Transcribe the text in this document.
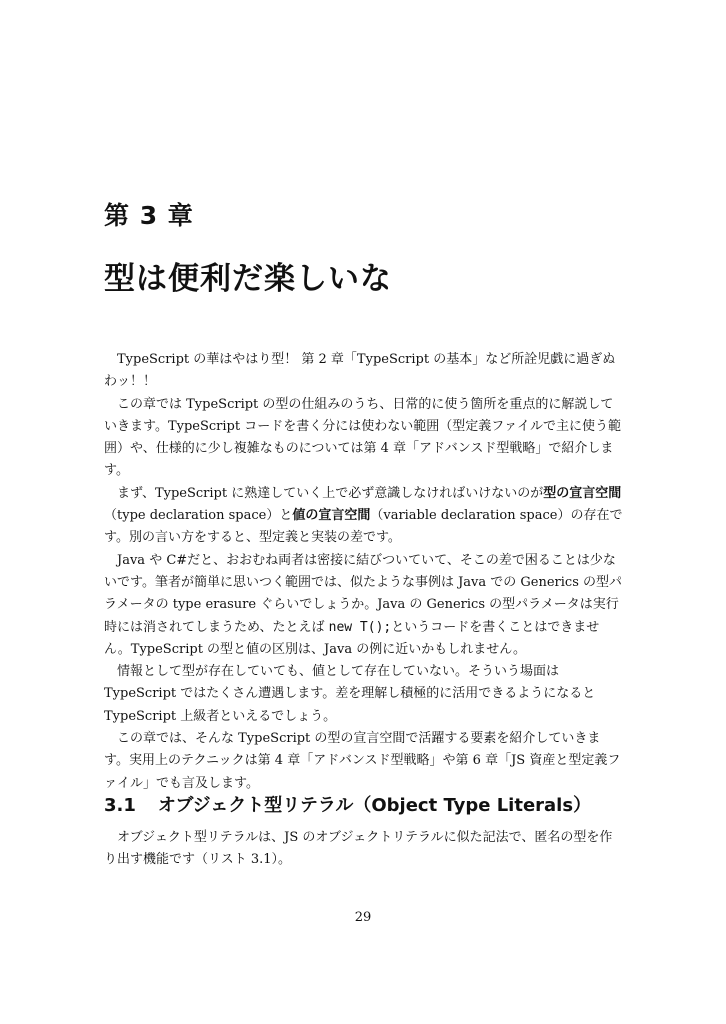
第 3 章
型は便利だ楽しいな

TypeScript の華はやはり型！ 第 2 章「TypeScript の基本」など所詮児戯に過ぎぬわッ！！

この章では TypeScript の型の仕組みのうち、日常的に使う箇所を重点的に解説していきます。TypeScript コードを書く分には使わない範囲（型定義ファイルで主に使う範囲）や、仕様的に少し複雑なものについては第 4 章「アドバンスド型戦略」で紹介します。

まず、TypeScript に熟達していく上で必ず意識しなければいけないのが型の宣言空間（type declaration space）と値の宣言空間（variable declaration space）の存在です。別の言い方をすると、型定義と実装の差です。

Java や C#だと、おおむね両者は密接に結びついていて、そこの差で困ることは少ないです。筆者が簡単に思いつく範囲では、似たような事例は Java での Generics の型パラメータの type erasure ぐらいでしょうか。Java の Generics の型パラメータは実行時には消されてしまうため、たとえば new T();というコードを書くことはできません。TypeScript の型と値の区別は、Java の例に近いかもしれません。

情報として型が存在していても、値として存在していない。そういう場面は TypeScript ではたくさん遭遇します。差を理解し積極的に活用できるようになると TypeScript 上級者といえるでしょう。

この章では、そんな TypeScript の型の宣言空間で活躍する要素を紹介していきます。実用上のテクニックは第 4 章「アドバンスド型戦略」や第 6 章「JS 資産と型定義ファイル」でも言及します。

3.1 オブジェクト型リテラル（Object Type Literals）

オブジェクト型リテラルは、JS のオブジェクトリテラルに似た記法で、匿名の型を作り出す機能です（リスト 3.1）。

29
